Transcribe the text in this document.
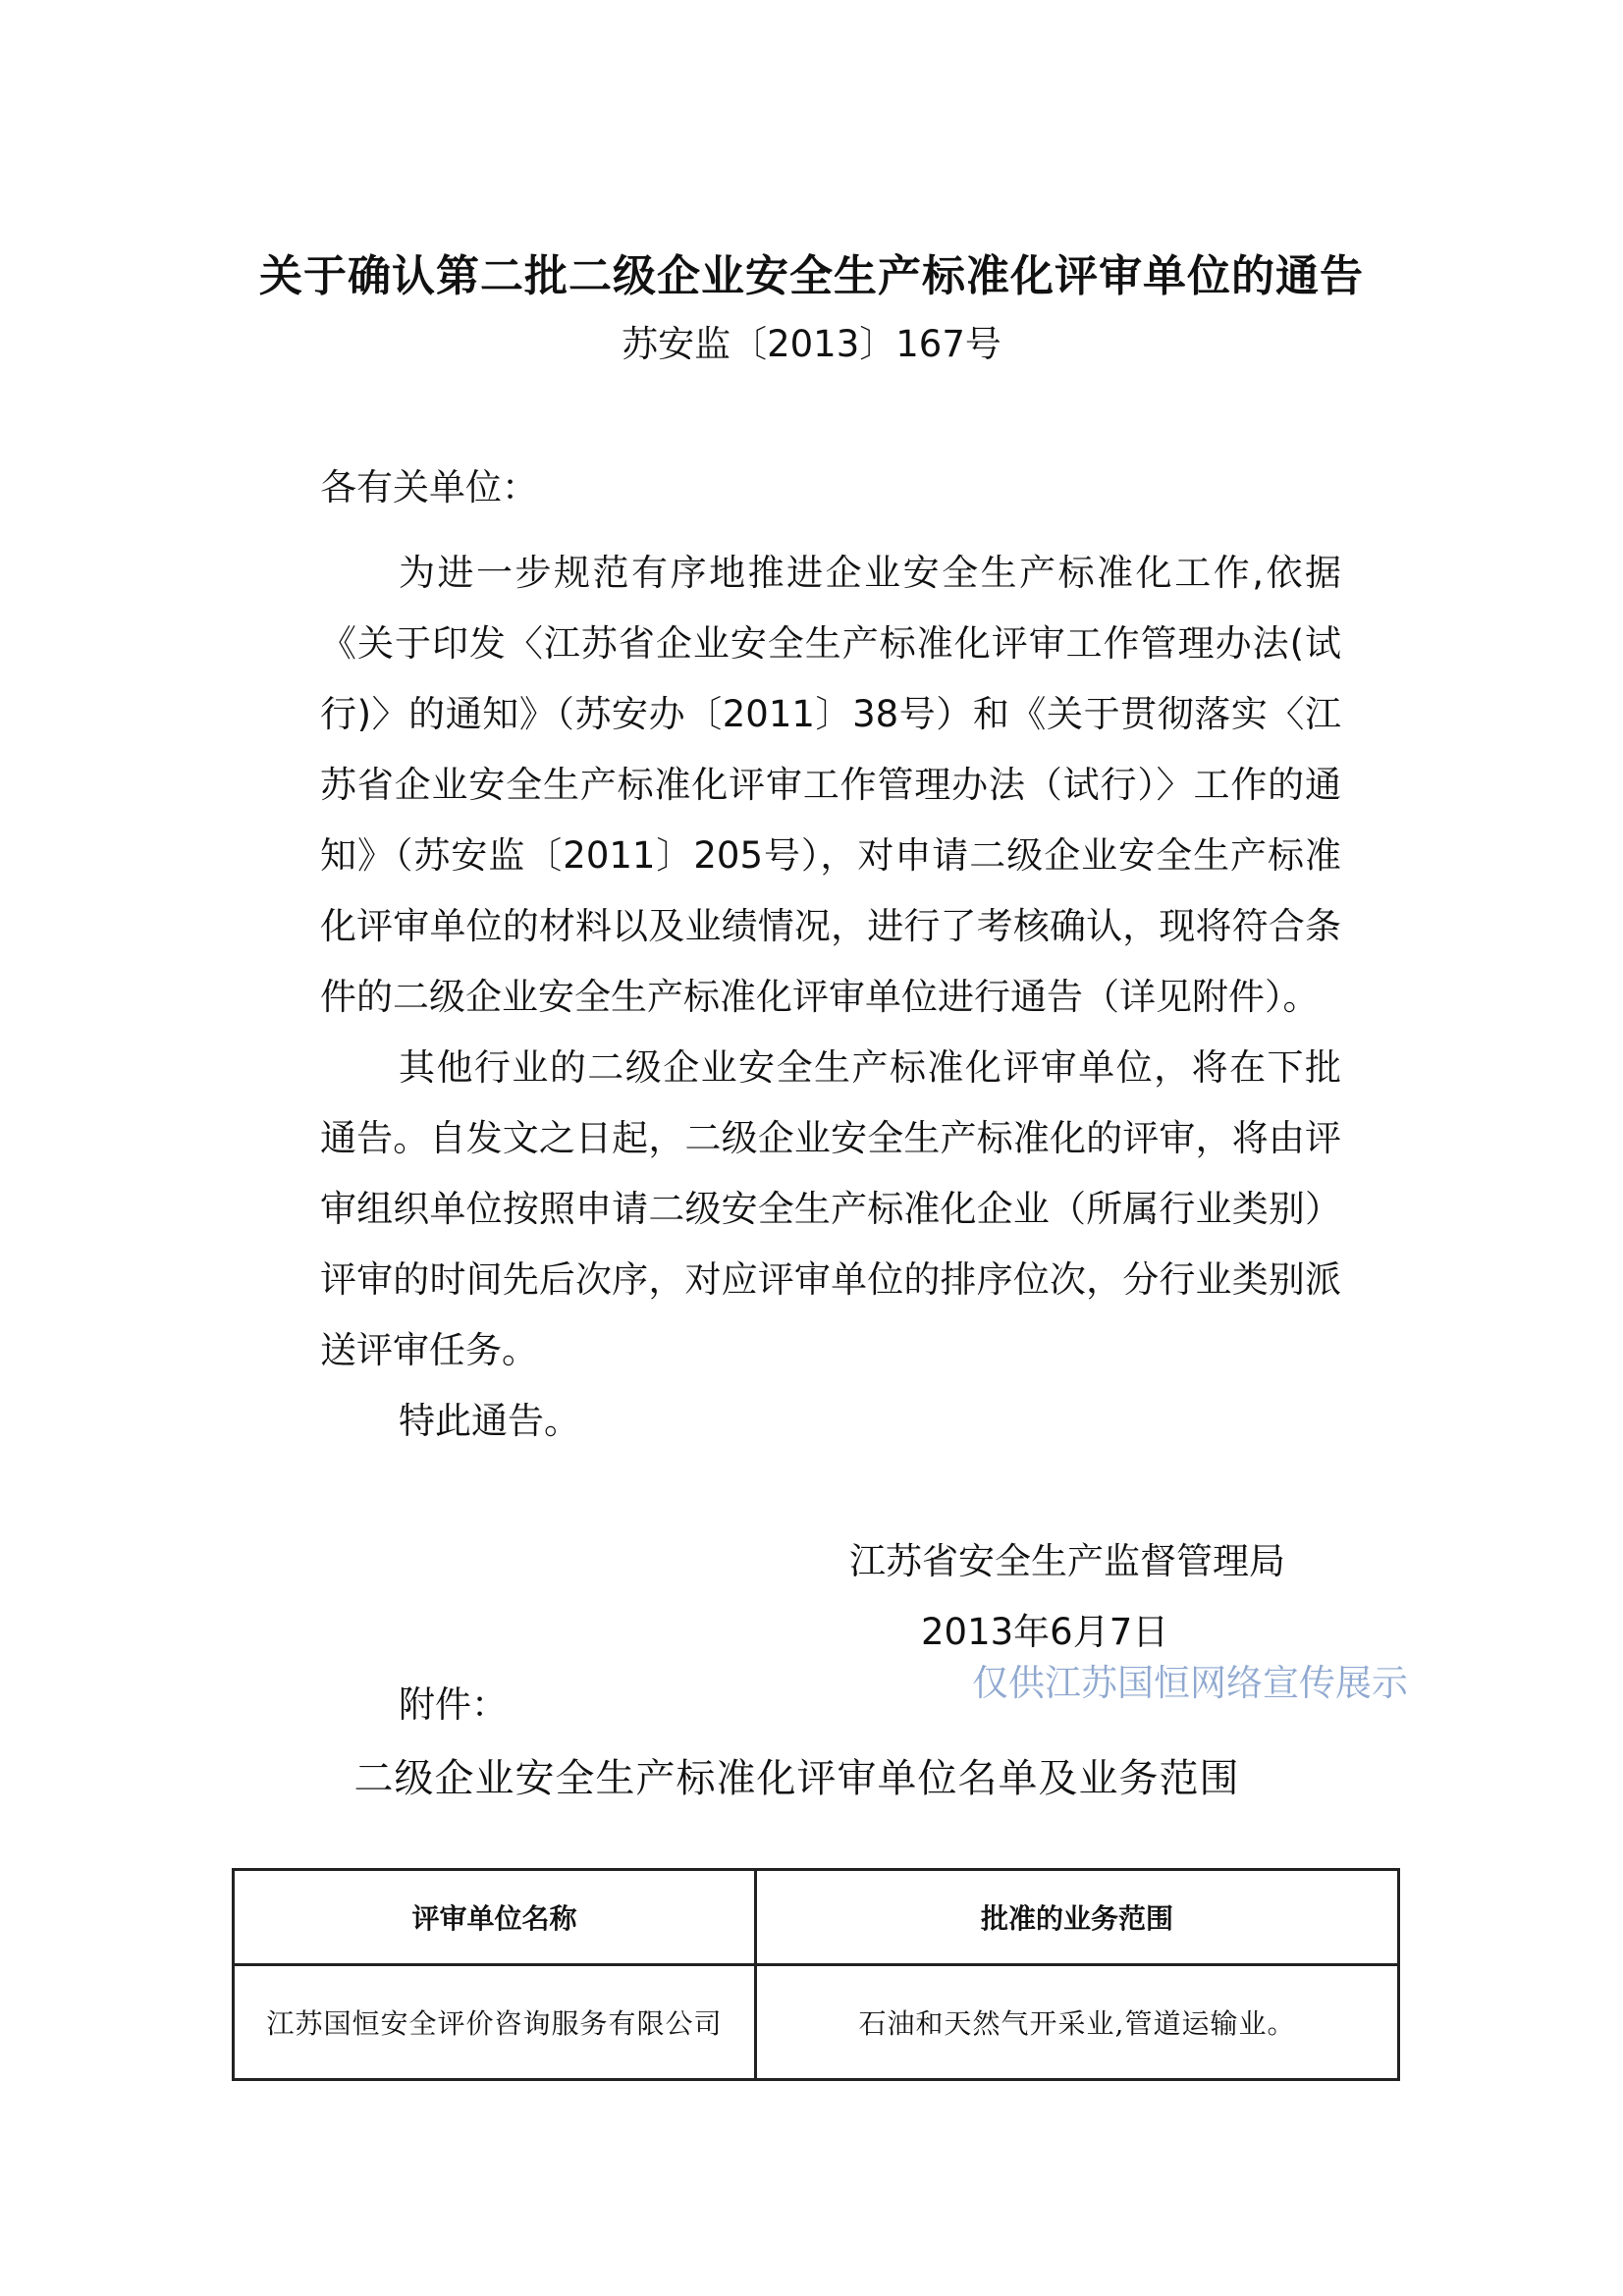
关于确认第二批二级企业安全生产标准化评审单位的通告
苏安监〔2013〕167号
各有关单位：

为进一步规范有序地推进企业安全生产标准化工作,依据《关于印发〈江苏省企业安全生产标准化评审工作管理办法(试行)〉的通知》（苏安办〔2011〕38号）和《关于贯彻落实〈江苏省企业安全生产标准化评审工作管理办法（试行）〉工作的通知》（苏安监〔2011〕205号），对申请二级企业安全生产标准化评审单位的材料以及业绩情况，进行了考核确认，现将符合条件的二级企业安全生产标准化评审单位进行通告（详见附件）。

其他行业的二级企业安全生产标准化评审单位，将在下批通告。自发文之日起，二级企业安全生产标准化的评审，将由评审组织单位按照申请二级安全生产标准化企业（所属行业类别）评审的时间先后次序，对应评审单位的排序位次，分行业类别派送评审任务。

特此通告。

江苏省安全生产监督管理局
2013年6月7日
仅供江苏国恒网络宣传展示
附件：
二级企业安全生产标准化评审单位名单及业务范围
评审单位名称	批准的业务范围
江苏国恒安全评价咨询服务有限公司	石油和天然气开采业,管道运输业。
